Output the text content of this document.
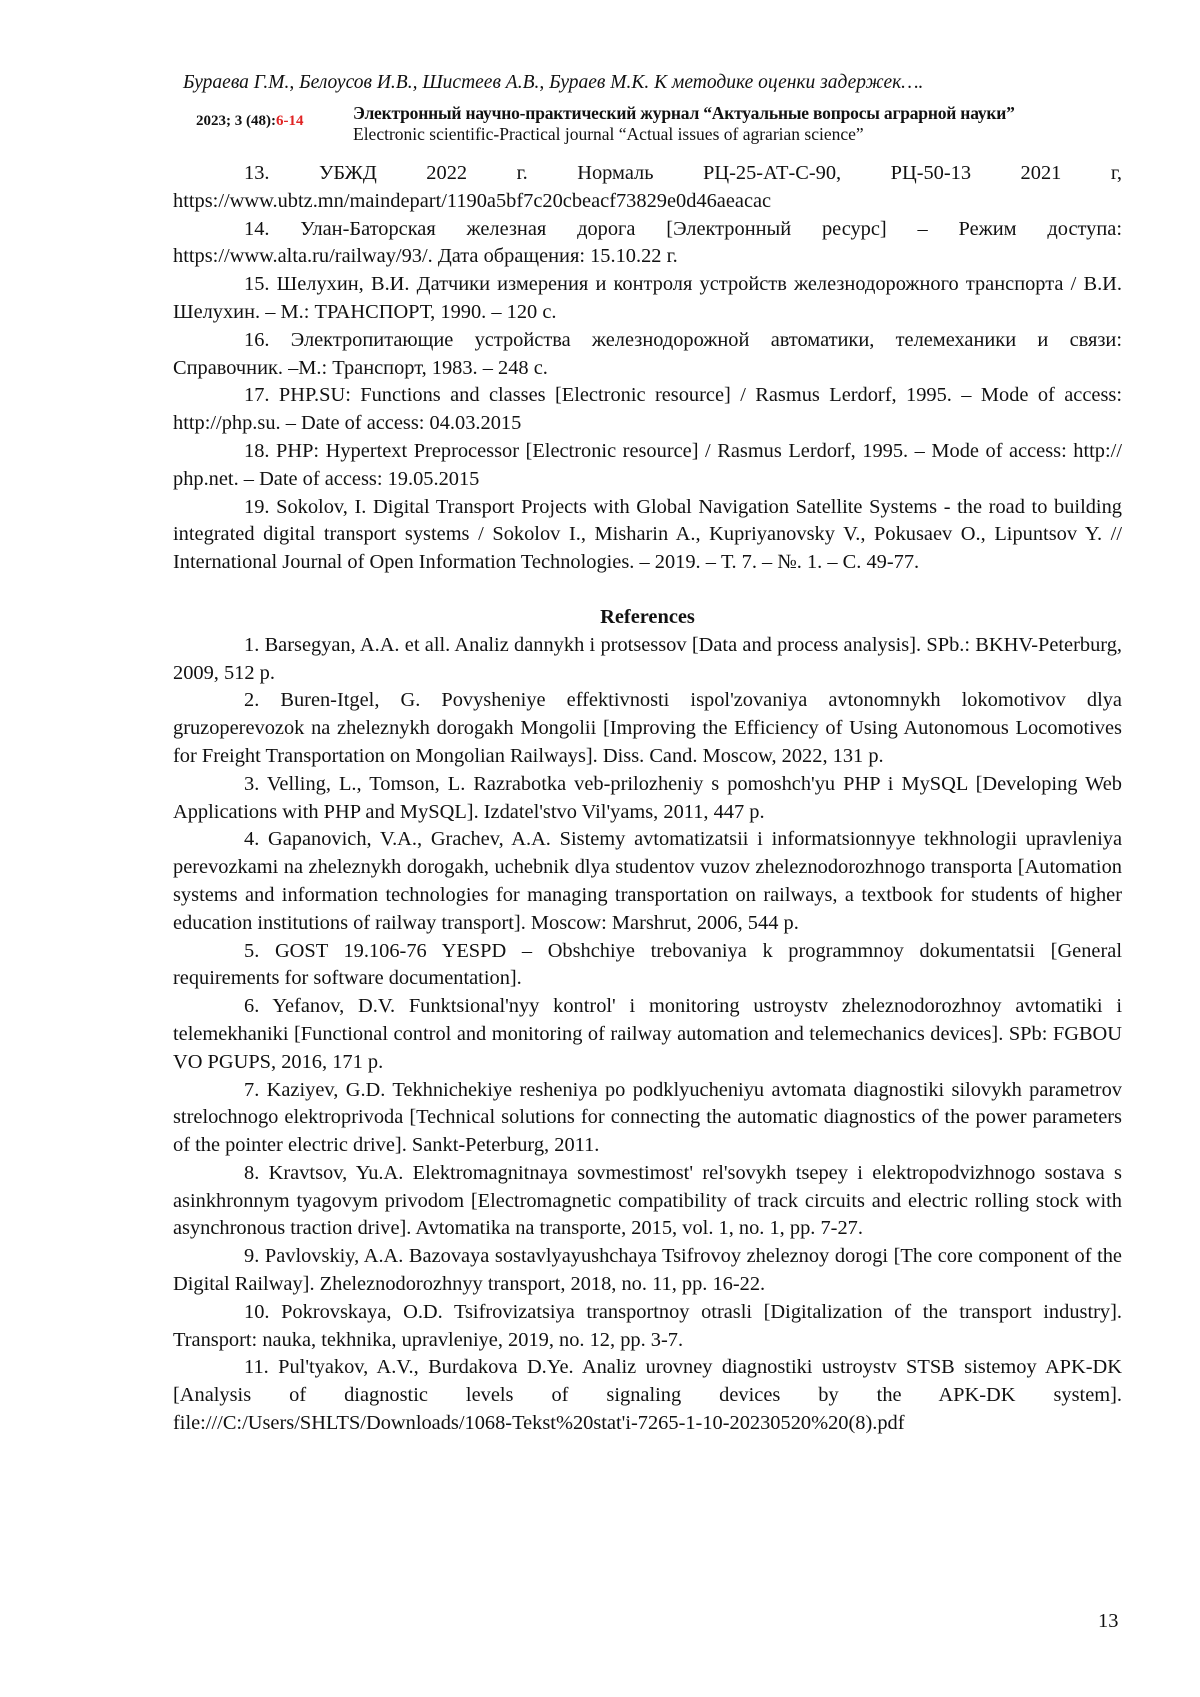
Бураева Г.М., Белоусов И.В., Шистеев А.В., Бураев М.К. К методике оценки задержек….
2023; 3 (48):6-14	Электронный научно-практический журнал “Актуальные вопросы аграрной науки”
Electronic scientific-Practical journal “Actual issues of agrarian science”

13. УБЖД 2022 г. Нормаль РЦ-25-АТ-С-90, РЦ-50-13 2021 г, https://www.ubtz.mn/maindepart/1190a5bf7c20cbeacf73829e0d46aeacac

14. Улан-Баторская железная дорога [Электронный ресурс] – Режим доступа: https://www.alta.ru/railway/93/. Дата обращения: 15.10.22 г.

15. Шелухин, В.И. Датчики измерения и контроля устройств железнодорожного транспорта / В.И. Шелухин. – М.: ТРАНСПОРТ, 1990. – 120 с.

16. Электропитающие устройства железнодорожной автоматики, телемеханики и связи: Справочник. –М.: Транспорт, 1983. – 248 с.

17. PHP.SU: Functions and classes [Electronic resource] / Rasmus Lerdorf, 1995. – Mode of access: http://php.su. – Date of access: 04.03.2015

18. PHP: Hypertext Preprocessor [Electronic resource] / Rasmus Lerdorf, 1995. – Mode of access: http:// php.net. – Date of access: 19.05.2015

19. Sokolov, I. Digital Transport Projects with Global Navigation Satellite Systems - the road to building integrated digital transport systems / Sokolov I., Misharin A., Kupriyanovsky V., Pokusaev O., Lipuntsov Y. // International Journal of Open Information Technologies. – 2019. – Т. 7. – №. 1. – С. 49-77.

References

1. Barsegyan, A.A. et all. Analiz dannykh i protsessov [Data and process analysis]. SPb.: BKHV-Peterburg, 2009, 512 p.

2. Buren-Itgel, G. Povysheniye effektivnosti ispol'zovaniya avtonomnykh lokomotivov dlya gruzoperevozok na zheleznykh dorogakh Mongolii [Improving the Efficiency of Using Autonomous Locomotives for Freight Transportation on Mongolian Railways]. Diss. Cand. Moscow, 2022, 131 p.

3. Velling, L., Tomson, L. Razrabotka veb-prilozheniy s pomoshch'yu PHP i MySQL [Developing Web Applications with PHP and MySQL]. Izdatel'stvo Vil'yams, 2011, 447 p.

4. Gapanovich, V.A., Grachev, A.A. Sistemy avtomatizatsii i informatsionnyye tekhnologii upravleniya perevozkami na zheleznykh dorogakh, uchebnik dlya studentov vuzov zheleznodorozhnogo transporta [Automation systems and information technologies for managing transportation on railways, a textbook for students of higher education institutions of railway transport]. Moscow: Marshrut, 2006, 544 p.

5. GOST 19.106-76 YESPD – Obshchiye trebovaniya k programmnoy dokumentatsii [General requirements for software documentation].

6. Yefanov, D.V. Funktsional'nyy kontrol' i monitoring ustroystv zheleznodorozhnoy avtomatiki i telemekhaniki [Functional control and monitoring of railway automation and telemechanics devices]. SPb: FGBOU VO PGUPS, 2016, 171 p.

7. Kaziyev, G.D. Tekhnichekiye resheniya po podklyucheniyu avtomata diagnostiki silovykh parametrov strelochnogo elektroprivoda [Technical solutions for connecting the automatic diagnostics of the power parameters of the pointer electric drive]. Sankt-Peterburg, 2011.

8. Kravtsov, Yu.A. Elektromagnitnaya sovmestimost' rel'sovykh tsepey i elektropodvizhnogo sostava s asinkhronnym tyagovym privodom [Electromagnetic compatibility of track circuits and electric rolling stock with asynchronous traction drive]. Avtomatika na transporte, 2015, vol. 1, no. 1, pp. 7-27.

9. Pavlovskiy, A.A. Bazovaya sostavlyayushchaya Tsifrovoy zheleznoy dorogi [The core component of the Digital Railway]. Zheleznodorozhnyy transport, 2018, no. 11, pp. 16-22.

10. Pokrovskaya, O.D. Tsifrovizatsiya transportnoy otrasli [Digitalization of the transport industry]. Transport: nauka, tekhnika, upravleniye, 2019, no. 12, pp. 3-7.

11. Pul'tyakov, A.V., Burdakova D.Ye. Analiz urovney diagnostiki ustroystv STSB sistemoy APK-DK [Analysis of diagnostic levels of signaling devices by the APK-DK system]. file:///C:/Users/SHLTS/Downloads/1068-Tekst%20stat'i-7265-1-10-20230520%20(8).pdf

13
